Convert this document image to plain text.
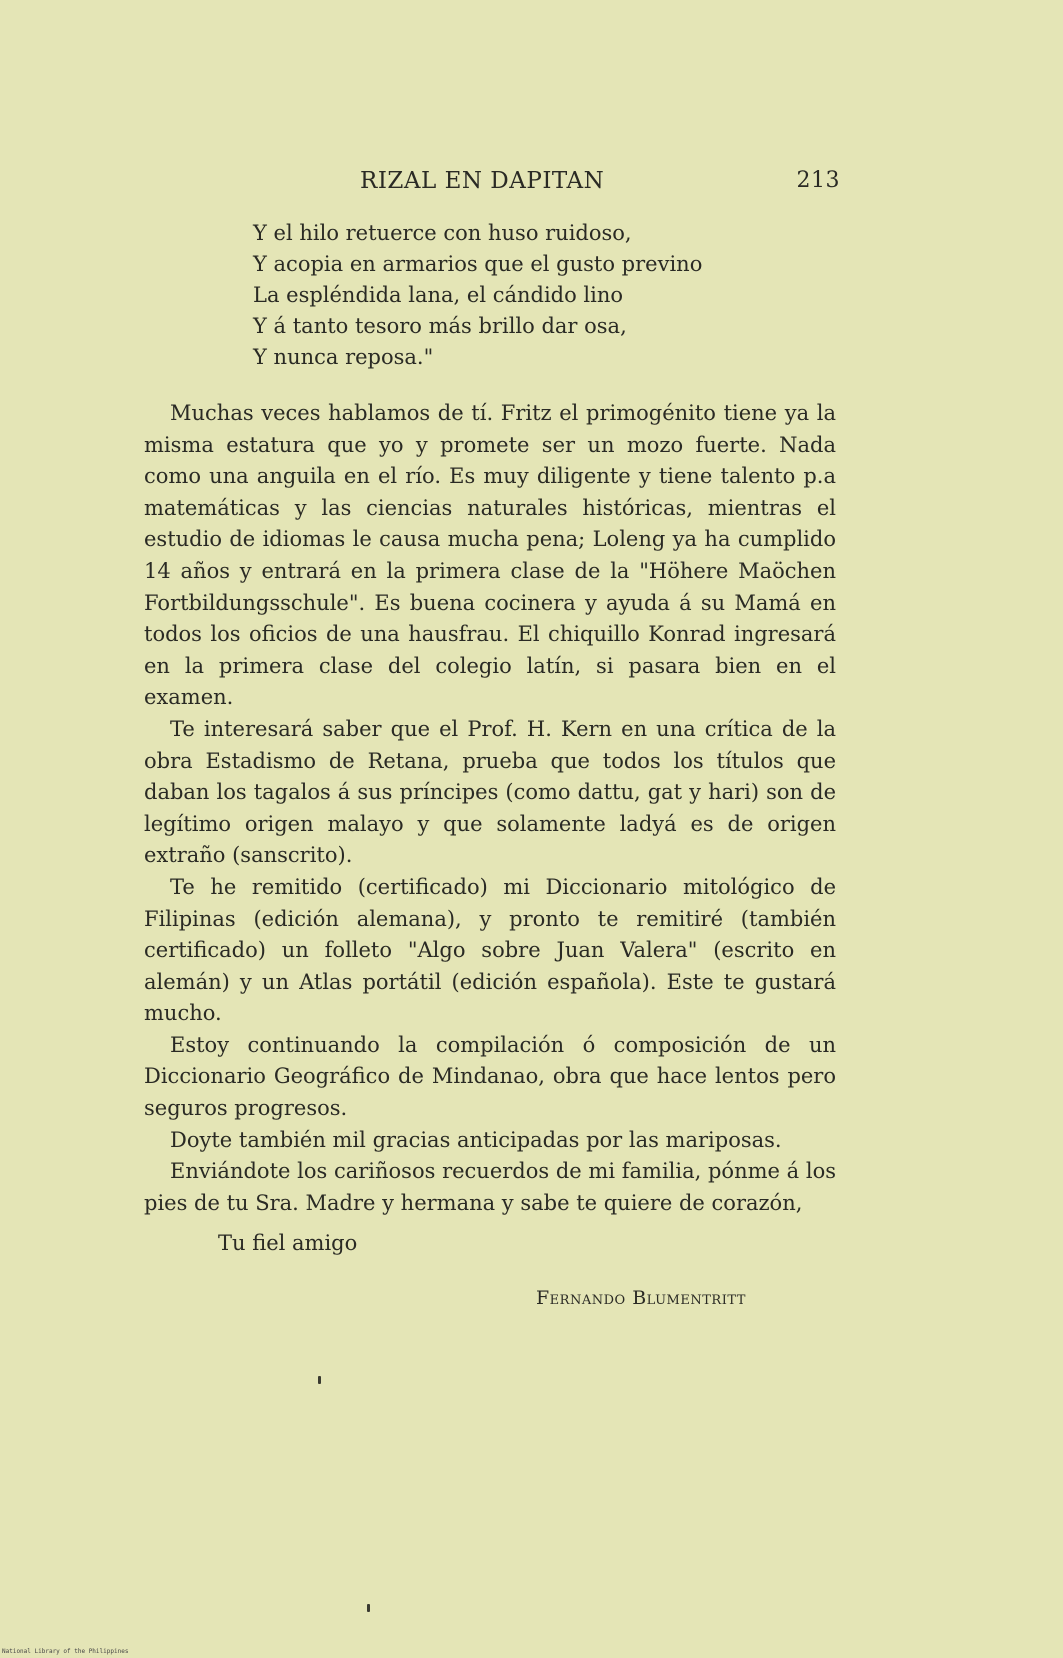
RIZAL EN DAPITAN	213
Y el hilo retuerce con huso ruidoso,
Y acopia en armarios que el gusto previno
La espléndida lana, el cándido lino
Y á tanto tesoro más brillo dar osa,
Y nunca reposa."

Muchas veces hablamos de tí. Fritz el primogénito tiene ya la misma estatura que yo y promete ser un mozo fuerte. Nada como una anguila en el río. Es muy diligente y tiene talento p.a matemáticas y las ciencias naturales históricas, mientras el estudio de idiomas le causa mucha pena; Loleng ya ha cumplido 14 años y entrará en la primera clase de la "Höhere Maöchen Fortbildungsschule". Es buena cocinera y ayuda á su Mamá en todos los oficios de una hausfrau. El chiquillo Konrad ingresará en la primera clase del colegio latín, si pasara bien en el examen.

Te interesará saber que el Prof. H. Kern en una crítica de la obra Estadismo de Retana, prueba que todos los títulos que daban los tagalos á sus príncipes (como dattu, gat y hari) son de legítimo origen malayo y que solamente ladyá es de origen extraño (sanscrito).

Te he remitido (certificado) mi Diccionario mitológico de Filipinas (edición alemana), y pronto te remitiré (también certificado) un folleto "Algo sobre Juan Valera" (escrito en alemán) y un Atlas portátil (edición española). Este te gustará mucho.

Estoy continuando la compilación ó composición de un Diccionario Geográfico de Mindanao, obra que hace lentos pero seguros progresos.

Doyte también mil gracias anticipadas por las mariposas.

Enviándote los cariñosos recuerdos de mi familia, pónme á los pies de tu Sra. Madre y hermana y sabe te quiere de corazón,

Tu fiel amigo
Fernando Blumentritt
National Library of the Philippines
